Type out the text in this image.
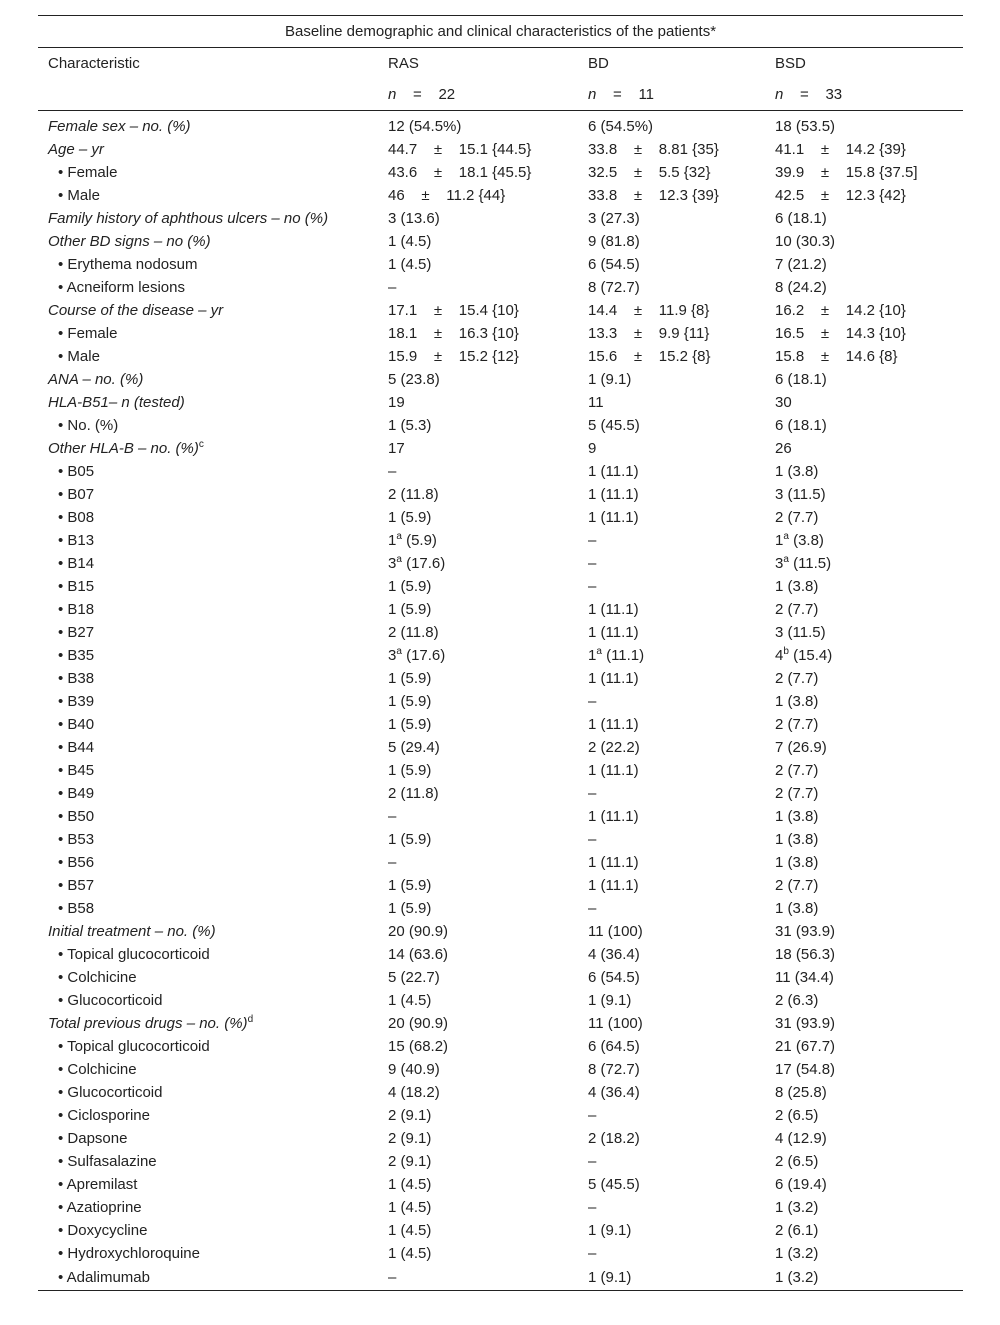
Baseline demographic and clinical characteristics of the patients*			
Characteristic	RAS	BD	BSD
	n = 22	n = 11	n = 33
Female sex – no. (%)	12 (54.5%)	6 (54.5%)	18 (53.5)
Age – yr	44.7    ±    15.1 {44.5}	33.8    ±    8.81 {35}	41.1    ±    14.2 {39}
• Female	43.6    ±    18.1 {45.5}	32.5    ±    5.5 {32}	39.9    ±    15.8 {37.5]
• Male	46    ±    11.2 {44}	33.8    ±    12.3 {39}	42.5    ±    12.3 {42}
Family history of aphthous ulcers – no (%)	3 (13.6)	3 (27.3)	6 (18.1)
Other BD signs – no (%)	1 (4.5)	9 (81.8)	10 (30.3)
• Erythema nodosum	1 (4.5)	6 (54.5)	7 (21.2)
• Acneiform lesions	–	8 (72.7)	8 (24.2)
Course of the disease – yr	17.1    ±    15.4 {10}	14.4    ±    11.9 {8}	16.2    ±    14.2 {10}
• Female	18.1    ±    16.3 {10}	13.3    ±    9.9 {11}	16.5    ±    14.3 {10}
• Male	15.9    ±    15.2 {12}	15.6    ±    15.2 {8}	15.8    ±    14.6 {8}
ANA – no. (%)	5 (23.8)	1 (9.1)	6 (18.1)
HLA-B51– n (tested)	19	11	30
• No. (%)	1 (5.3)	5 (45.5)	6 (18.1)
Other HLA-B – no. (%)$^c$	17	9	26
• B05	–	1 (11.1)	1 (3.8)
• B07	2 (11.8)	1 (11.1)	3 (11.5)
• B08	1 (5.9)	1 (11.1)	2 (7.7)
• B13	1$^a$ (5.9)	–	1$^a$ (3.8)
• B14	3$^a$ (17.6)	–	3$^a$ (11.5)
• B15	1 (5.9)	–	1 (3.8)
• B18	1 (5.9)	1 (11.1)	2 (7.7)
• B27	2 (11.8)	1 (11.1)	3 (11.5)
• B35	3$^a$ (17.6)	1$^a$ (11.1)	4$^b$ (15.4)
• B38	1 (5.9)	1 (11.1)	2 (7.7)
• B39	1 (5.9)	–	1 (3.8)
• B40	1 (5.9)	1 (11.1)	2 (7.7)
• B44	5 (29.4)	2 (22.2)	7 (26.9)
• B45	1 (5.9)	1 (11.1)	2 (7.7)
• B49	2 (11.8)	–	2 (7.7)
• B50	–	1 (11.1)	1 (3.8)
• B53	1 (5.9)	–	1 (3.8)
• B56	–	1 (11.1)	1 (3.8)
• B57	1 (5.9)	1 (11.1)	2 (7.7)
• B58	1 (5.9)	–	1 (3.8)
Initial treatment – no. (%)	20 (90.9)	11 (100)	31 (93.9)
• Topical glucocorticoid	14 (63.6)	4 (36.4)	18 (56.3)
• Colchicine	5 (22.7)	6 (54.5)	11 (34.4)
• Glucocorticoid	1 (4.5)	1 (9.1)	2 (6.3)
Total previous drugs – no. (%)$^d$	20 (90.9)	11 (100)	31 (93.9)
• Topical glucocorticoid	15 (68.2)	6 (64.5)	21 (67.7)
• Colchicine	9 (40.9)	8 (72.7)	17 (54.8)
• Glucocorticoid	4 (18.2)	4 (36.4)	8 (25.8)
• Ciclosporine	2 (9.1)	–	2 (6.5)
• Dapsone	2 (9.1)	2 (18.2)	4 (12.9)
• Sulfasalazine	2 (9.1)	–	2 (6.5)
• Apremilast	1 (4.5)	5 (45.5)	6 (19.4)
• Azatioprine	1 (4.5)	–	1 (3.2)
• Doxycycline	1 (4.5)	1 (9.1)	2 (6.1)
• Hydroxychloroquine	1 (4.5)	–	1 (3.2)
• Adalimumab	–	1 (9.1)	1 (3.2)
